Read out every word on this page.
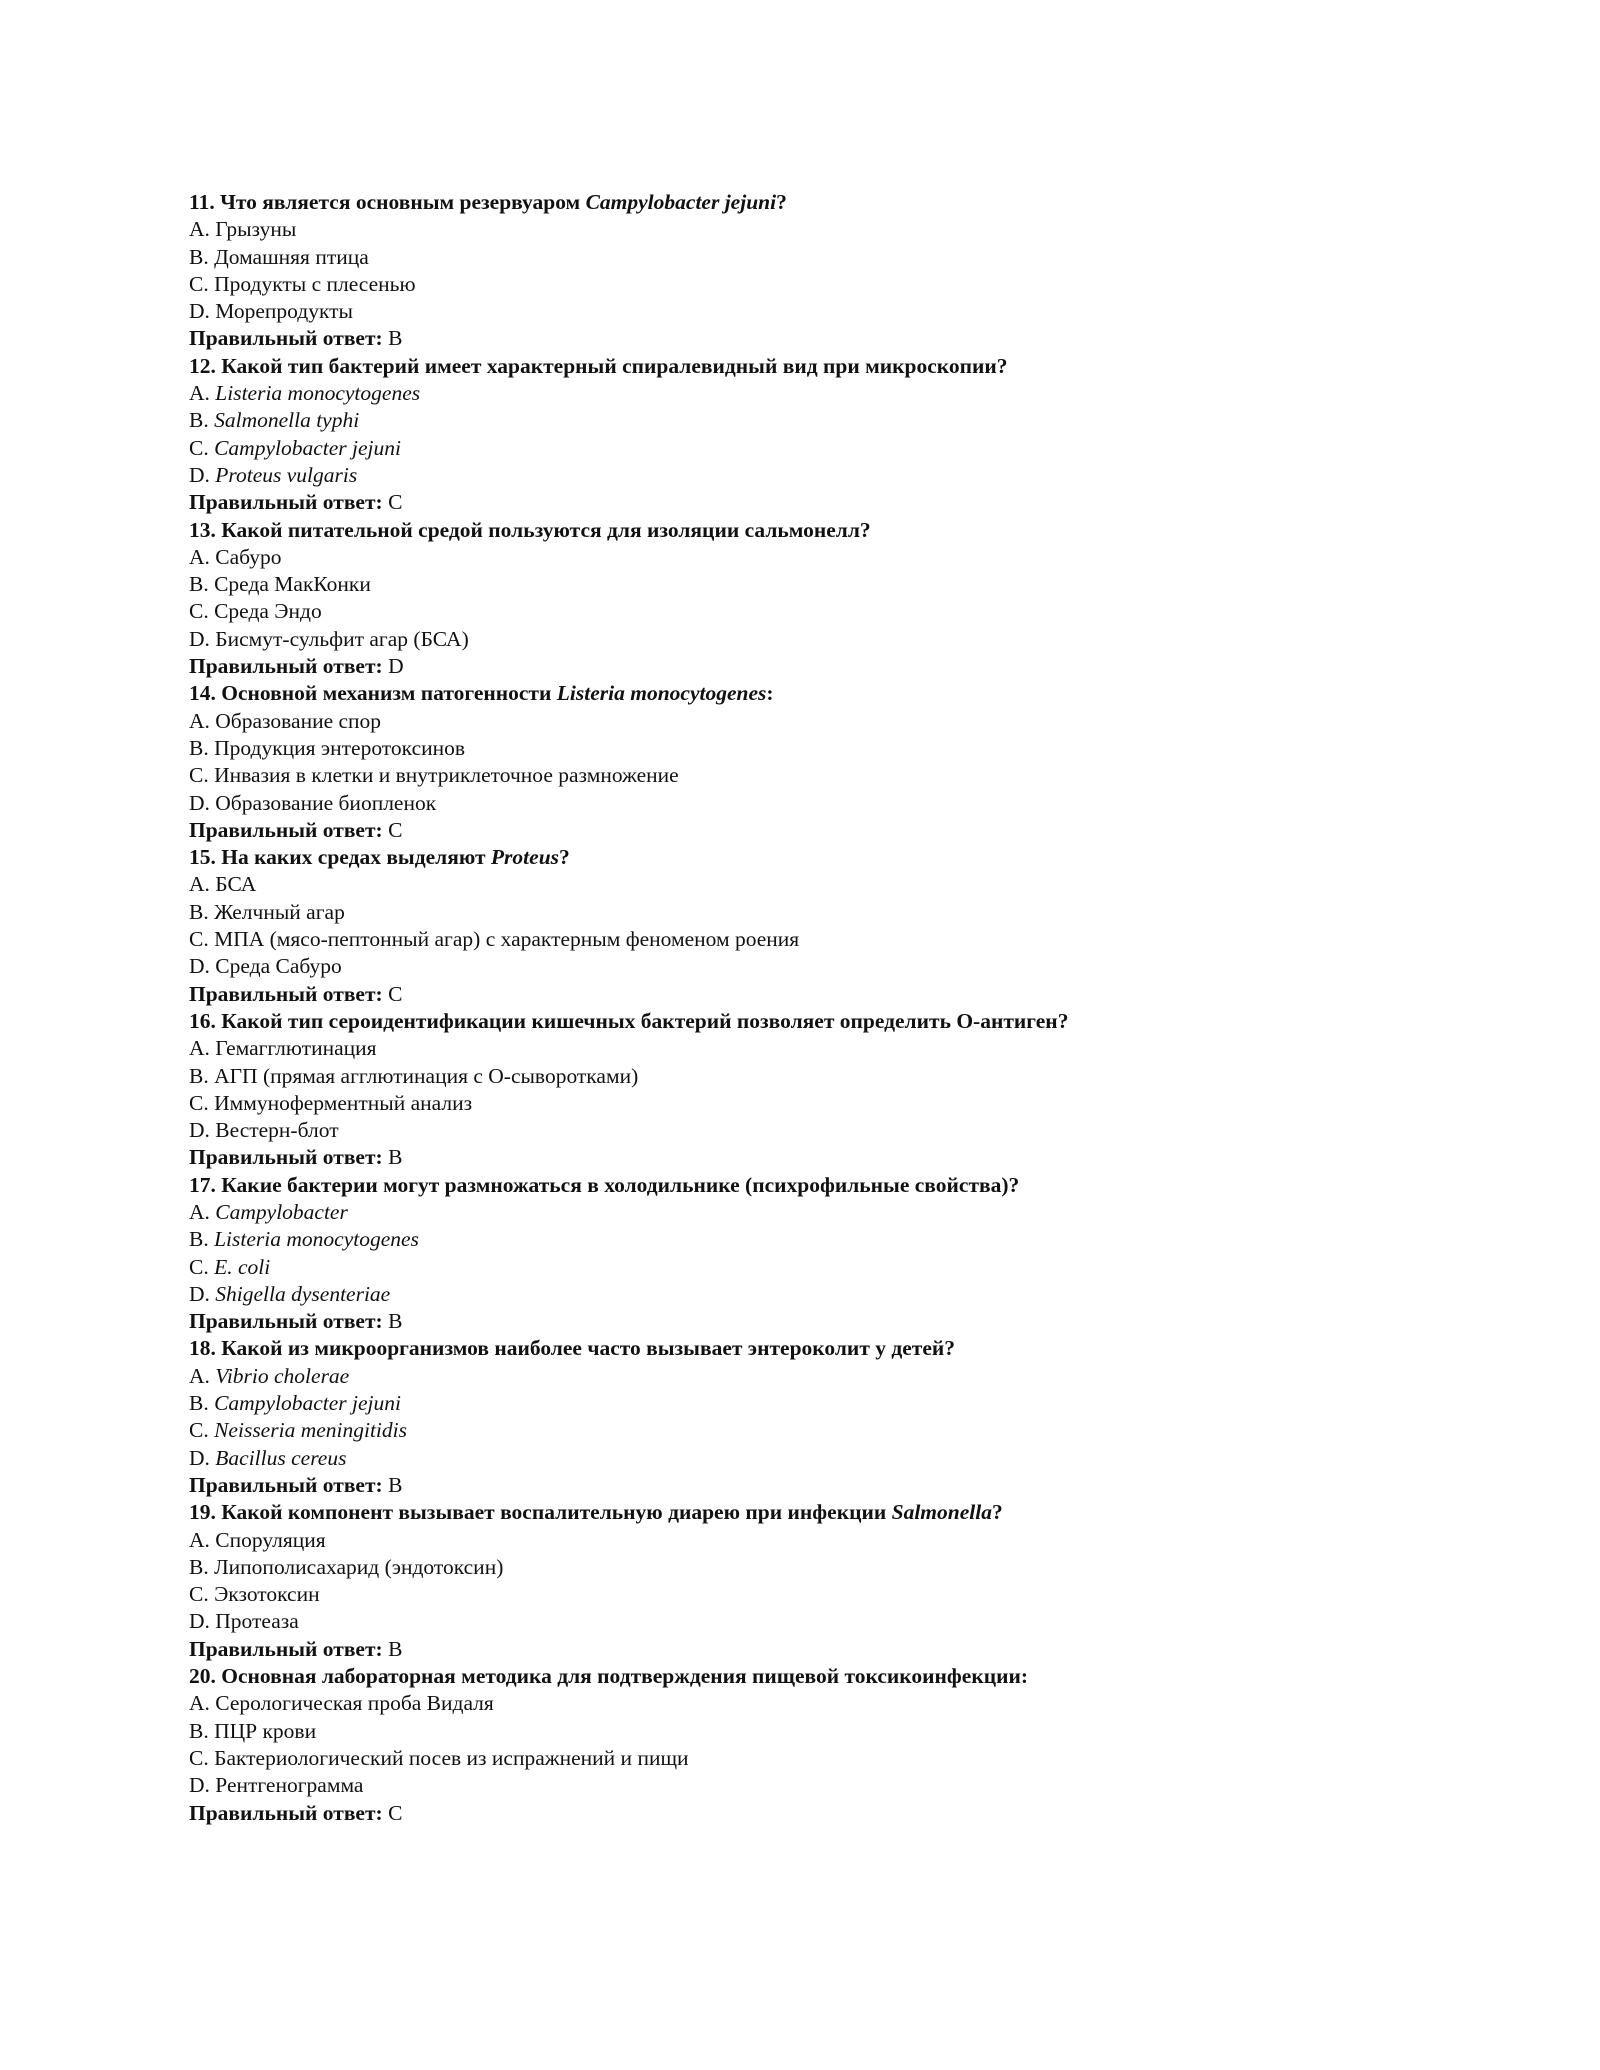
11. Что является основным резервуаром Campylobacter jejuni?
A. Грызуны
B. Домашняя птица
C. Продукты с плесенью
D. Морепродукты
Правильный ответ: B
12. Какой тип бактерий имеет характерный спиралевидный вид при микроскопии?
A. Listeria monocytogenes
B. Salmonella typhi
C. Campylobacter jejuni
D. Proteus vulgaris
Правильный ответ: C
13. Какой питательной средой пользуются для изоляции сальмонелл?
A. Сабуро
B. Среда МакКонки
C. Среда Эндо
D. Бисмут-сульфит агар (БСА)
Правильный ответ: D
14. Основной механизм патогенности Listeria monocytogenes:
A. Образование спор
B. Продукция энтеротоксинов
C. Инвазия в клетки и внутриклеточное размножение
D. Образование биопленок
Правильный ответ: C
15. На каких средах выделяют Proteus?
A. БСА
B. Желчный агар
C. МПА (мясо-пептонный агар) с характерным феноменом роения
D. Среда Сабуро
Правильный ответ: C
16. Какой тип сероидентификации кишечных бактерий позволяет определить О-антиген?
A. Гемагглютинация
B. АГП (прямая агглютинация с О-сыворотками)
C. Иммуноферментный анализ
D. Вестерн-блот
Правильный ответ: B
17. Какие бактерии могут размножаться в холодильнике (психрофильные свойства)?
A. Campylobacter
B. Listeria monocytogenes
C. E. coli
D. Shigella dysenteriae
Правильный ответ: B
18. Какой из микроорганизмов наиболее часто вызывает энтероколит у детей?
A. Vibrio cholerae
B. Campylobacter jejuni
C. Neisseria meningitidis
D. Bacillus cereus
Правильный ответ: B
19. Какой компонент вызывает воспалительную диарею при инфекции Salmonella?
A. Споруляция
B. Липополисахарид (эндотоксин)
C. Экзотоксин
D. Протеаза
Правильный ответ: B
20. Основная лабораторная методика для подтверждения пищевой токсикоинфекции:
A. Серологическая проба Видаля
B. ПЦР крови
C. Бактериологический посев из испражнений и пищи
D. Рентгенограмма
Правильный ответ: C
